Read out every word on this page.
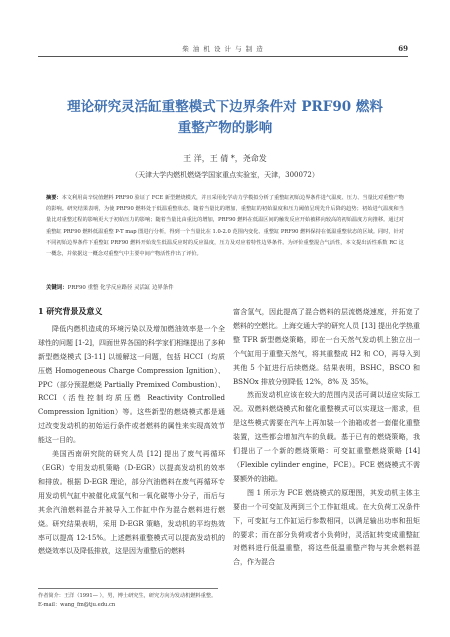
柴 油 机 设 计 与 制 造	69
理论研究灵活缸重整模式下边界条件对 PRF90 燃料
重整产物的影响
王 洋，王 倩 *，尧命发
（天津大学内燃机燃烧学国家重点实验室，天津，300072）
摘要：本文利用高辛烷值燃料 PRF90 验证了 FCE 新型燃烧模式，并且采用化学动力学模拟分析了重整缸初始边界条件进气温度、压力、当量比对重整产物的影响。研究结果表明，为使 PRF90 燃料处于低温重整状态，随着当量比的增加，重整缸的初始温度和压力阈值呈现先升后降的趋势；初始进气温度和当量比对重整过程的影响更大于初始压力的影响；随着当量比由重比的增加，PRF90 燃料在低温区间的触发反应开始被移向较高的初始温度方向推移。通过对重整缸 PRF90 燃料低温重整 P-T map 图进行分析，得到一个当量比在 1.0-2.0 范围内变化、重整缸 PRF90 燃料保持在低温重整状态的区域。同时，针对不同初始边界条件下重整缸 PRF90 燃料开始发生低温反应时的反应温度，压力及对应着特性边界条件。为评价重整混合气活性，本文提出活性系数 RC 这一概念，并依据这一概念对重整气中主要中间产物活性作出了评价。
关键词：PRF90 重整 化学反应路径 灵活缸 边界条件
1 研究背景及意义

降低内燃机造成的环境污染以及增加燃油效率是一个全球性的问题 [1-2]，四面世界各国的科学家们相继提出了多种新型燃烧模式 [3-11] 以缓解这一问题，包括 HCCI（均质压燃 Homogeneous Charge Compression Ignition）、PPC（部分预混燃烧 Partially Premixed Combustion）、RCCI（活性控制均质压燃 Reactivity Controlled Compression Ignition）等。这些新型的燃烧模式都是通过改变发动机的初始运行条件或者燃料的属性来实现高效节能这一目的。

美国西南研究院的研究人员 [12] 提出了废气再循环（EGR）专用发动机策略（D-EGR）以提高发动机的效率和排放。根据 D-EGR 理论，部分汽油燃料在废气再循环专用发动机气缸中被催化成氢气和一氧化碳等小分子，而后与其余汽油燃料混合并被导入工作缸中作为混合燃料进行燃烧。研究结果表明，采用 D-EGR 策略，发动机的平均热效率可以提高 12-15%。上述燃料重整模式可以提高发动机的燃烧效率以及降低排放，这是因为重整后的燃料

富含氢气，因此提高了混合燃料的层流燃烧速度，并拓宽了燃料的空燃比。上海交通大学的研究人员 [13] 提出化学热重整 TFR 新型燃烧策略，即在一台天然气发动机上独立出一个气缸用于重整天然气，将其重整成 H2 和 CO，再导入到其他 5 个缸进行后续燃烧。结果表明，BSHC，BSCO 和 BSNOx 排放分别降低 12%，8% 及 35%。

然而发动机应该在较大的范围内灵活可调以适应实际工况。双燃料燃烧模式和催化重整模式可以实现这一需求，但是这些模式需要在汽车上再加装一个油箱或者一套催化重整装置，这些都会增加汽车的负载。基于已有的燃烧策略，我们提出了一个新的燃烧策略：可变缸重整燃烧策略 [14]（Flexible cylinder engine，FCE）。FCE 燃烧模式不需要额外的油箱。

图 1 所示为 FCE 燃烧模式的原理图，其发动机主体主要由一个可变缸及两到三个工作缸组成。在大负荷工况条件下，可变缸与工作缸运行参数相同，以满足输出功率和扭矩的要求；而在部分负荷或者小负荷时，灵活缸转变成重整缸对燃料进行低温重整，将这些低温重整产物与其余燃料混合，作为混合

作者简介：王洋（1991— ），男，博士研究生，研究方向为发动机燃料重整。
E-mail：wang_fm@tju.edu.cn
